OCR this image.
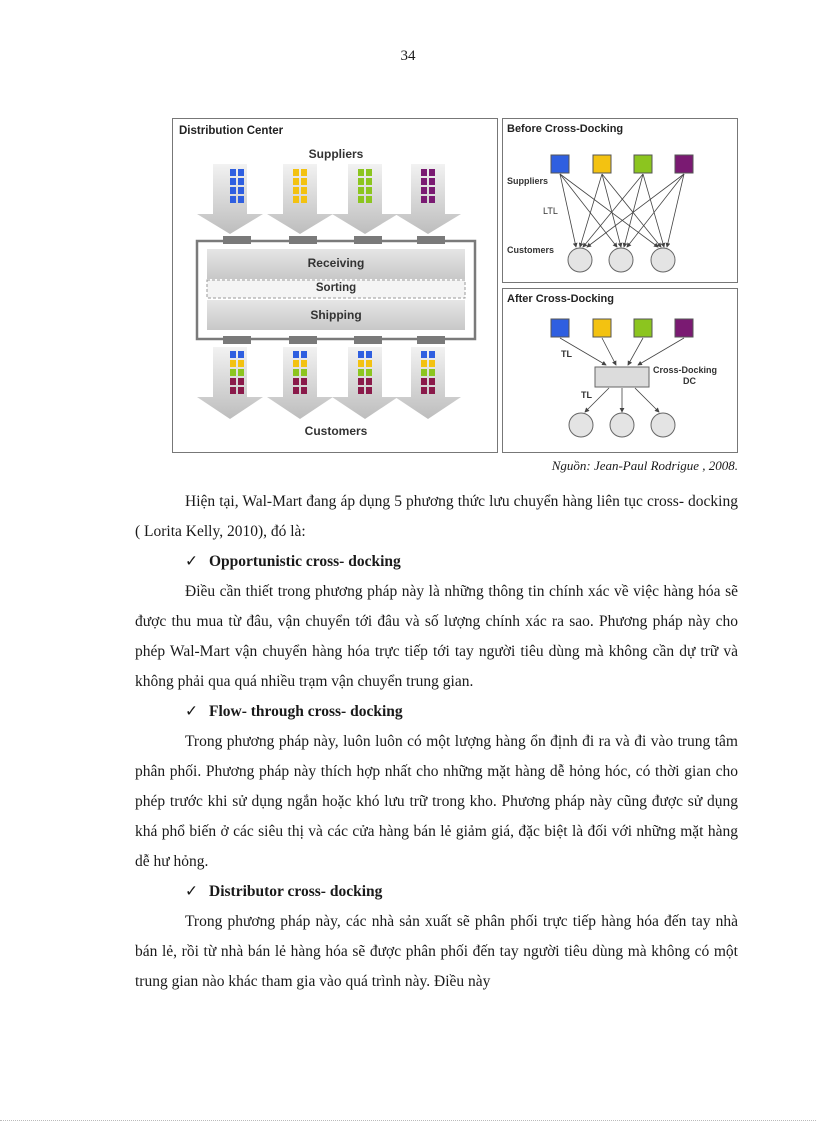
34
Distribution Center
Suppliers
Receiving
Sorting
Shipping
Customers
Before Cross-Docking
Suppliers
LTL
Customers
After Cross-Docking
TL
Cross-Docking
DC
TL
Nguồn: Jean-Paul Rodrigue , 2008.

Hiện tại, Wal-Mart đang áp dụng 5 phương thức lưu chuyển hàng liên tục cross- docking ( Lorita Kelly, 2010), đó là:

✓ Opportunistic cross- docking

Điều cần thiết trong phương pháp này là những thông tin chính xác về việc hàng hóa sẽ được thu mua từ đâu, vận chuyển tới đâu và số lượng chính xác ra sao. Phương pháp này cho phép Wal-Mart vận chuyển hàng hóa trực tiếp tới tay người tiêu dùng mà không cần dự trữ và không phải qua quá nhiều trạm vận chuyển trung gian.

✓ Flow- through cross- docking

Trong phương pháp này, luôn luôn có một lượng hàng ổn định đi ra và đi vào trung tâm phân phối. Phương pháp này thích hợp nhất cho những mặt hàng dễ hỏng hóc, có thời gian cho phép trước khi sử dụng ngắn hoặc khó lưu trữ trong kho. Phương pháp này cũng được sử dụng khá phổ biến ở các siêu thị và các cửa hàng bán lẻ giảm giá, đặc biệt là đối với những mặt hàng dễ hư hỏng.

✓ Distributor cross- docking

Trong phương pháp này, các nhà sản xuất sẽ phân phối trực tiếp hàng hóa đến tay nhà bán lẻ, rồi từ nhà bán lẻ hàng hóa sẽ được phân phối đến tay người tiêu dùng mà không có một trung gian nào khác tham gia vào quá trình này. Điều này
